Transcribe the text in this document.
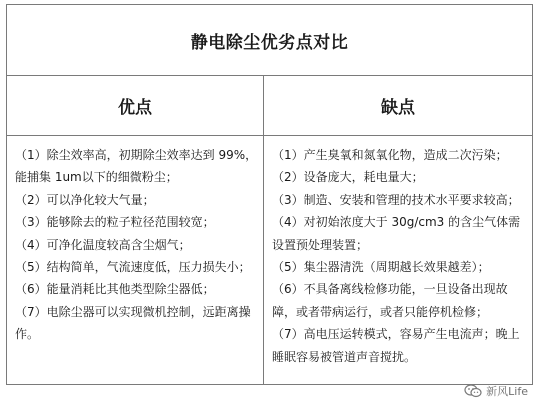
静电除尘优劣点对比
优点	缺点

（1）除尘效率高，初期除尘效率达到 99%，能捕集 1um以下的细微粉尘；

（2）可以净化较大气量；

（3）能够除去的粒子粒径范围较宽；

（4）可净化温度较高含尘烟气；

（5）结构简单，气流速度低，压力损失小；

（6）能量消耗比其他类型除尘器低；

（7）电除尘器可以实现微机控制，远距离操作。

（1）产生臭氧和氮氧化物，造成二次污染；

（2）设备庞大，耗电量大；

（3）制造、安装和管理的技术水平要求较高；

（4）对初始浓度大于 30g/cm3 的含尘气体需设置预处理装置；

（5）集尘器清洗（周期越长效果越差）；

（6）不具备离线检修功能，一旦设备出现故障，或者带病运行，或者只能停机检修；

（7）高电压运转模式，容易产生电流声；晚上睡眠容易被管道声音搅扰。

新风Life
